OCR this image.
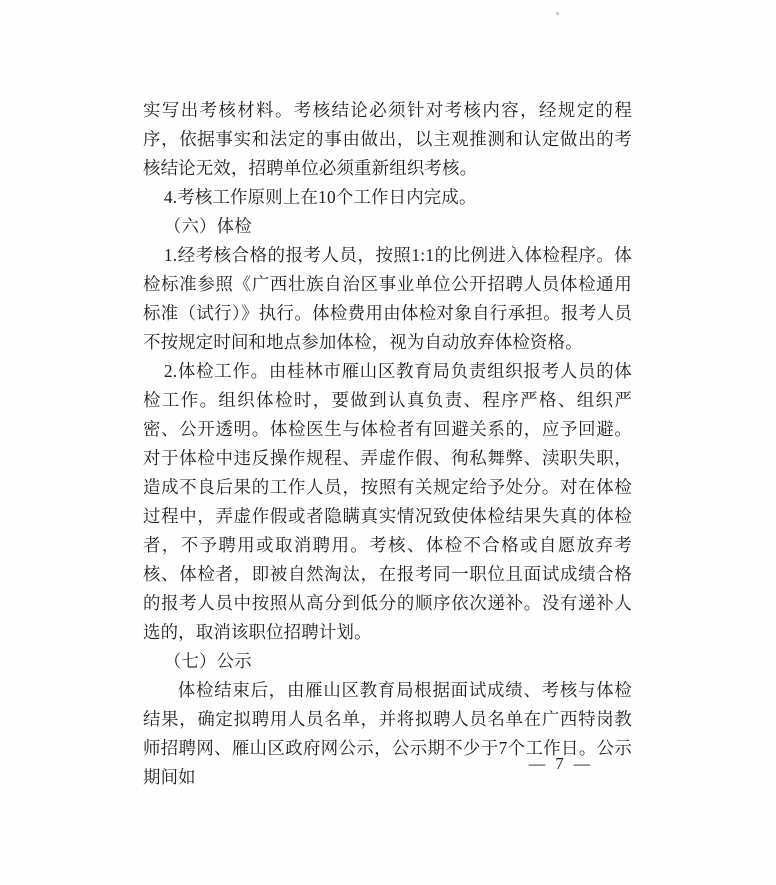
实写出考核材料。考核结论必须针对考核内容，经规定的程序，依据事实和法定的事由做出，以主观推测和认定做出的考核结论无效，招聘单位必须重新组织考核。

4.考核工作原则上在10个工作日内完成。

（六）体检

1.经考核合格的报考人员，按照1:1的比例进入体检程序。体检标准参照《广西壮族自治区事业单位公开招聘人员体检通用标准（试行）》执行。体检费用由体检对象自行承担。报考人员不按规定时间和地点参加体检，视为自动放弃体检资格。

2.体检工作。由桂林市雁山区教育局负责组织报考人员的体检工作。组织体检时，要做到认真负责、程序严格、组织严密、公开透明。体检医生与体检者有回避关系的，应予回避。对于体检中违反操作规程、弄虚作假、徇私舞弊、渎职失职，造成不良后果的工作人员，按照有关规定给予处分。对在体检过程中，弄虚作假或者隐瞒真实情况致使体检结果失真的体检者，不予聘用或取消聘用。考核、体检不合格或自愿放弃考核、体检者，即被自然淘汰，在报考同一职位且面试成绩合格的报考人员中按照从高分到低分的顺序依次递补。没有递补人选的，取消该职位招聘计划。

（七）公示

体检结束后，由雁山区教育局根据面试成绩、考核与体检结果，确定拟聘用人员名单，并将拟聘人员名单在广西特岗教师招聘网、雁山区政府网公示，公示期不少于7个工作日。公示期间如

— 7 —
